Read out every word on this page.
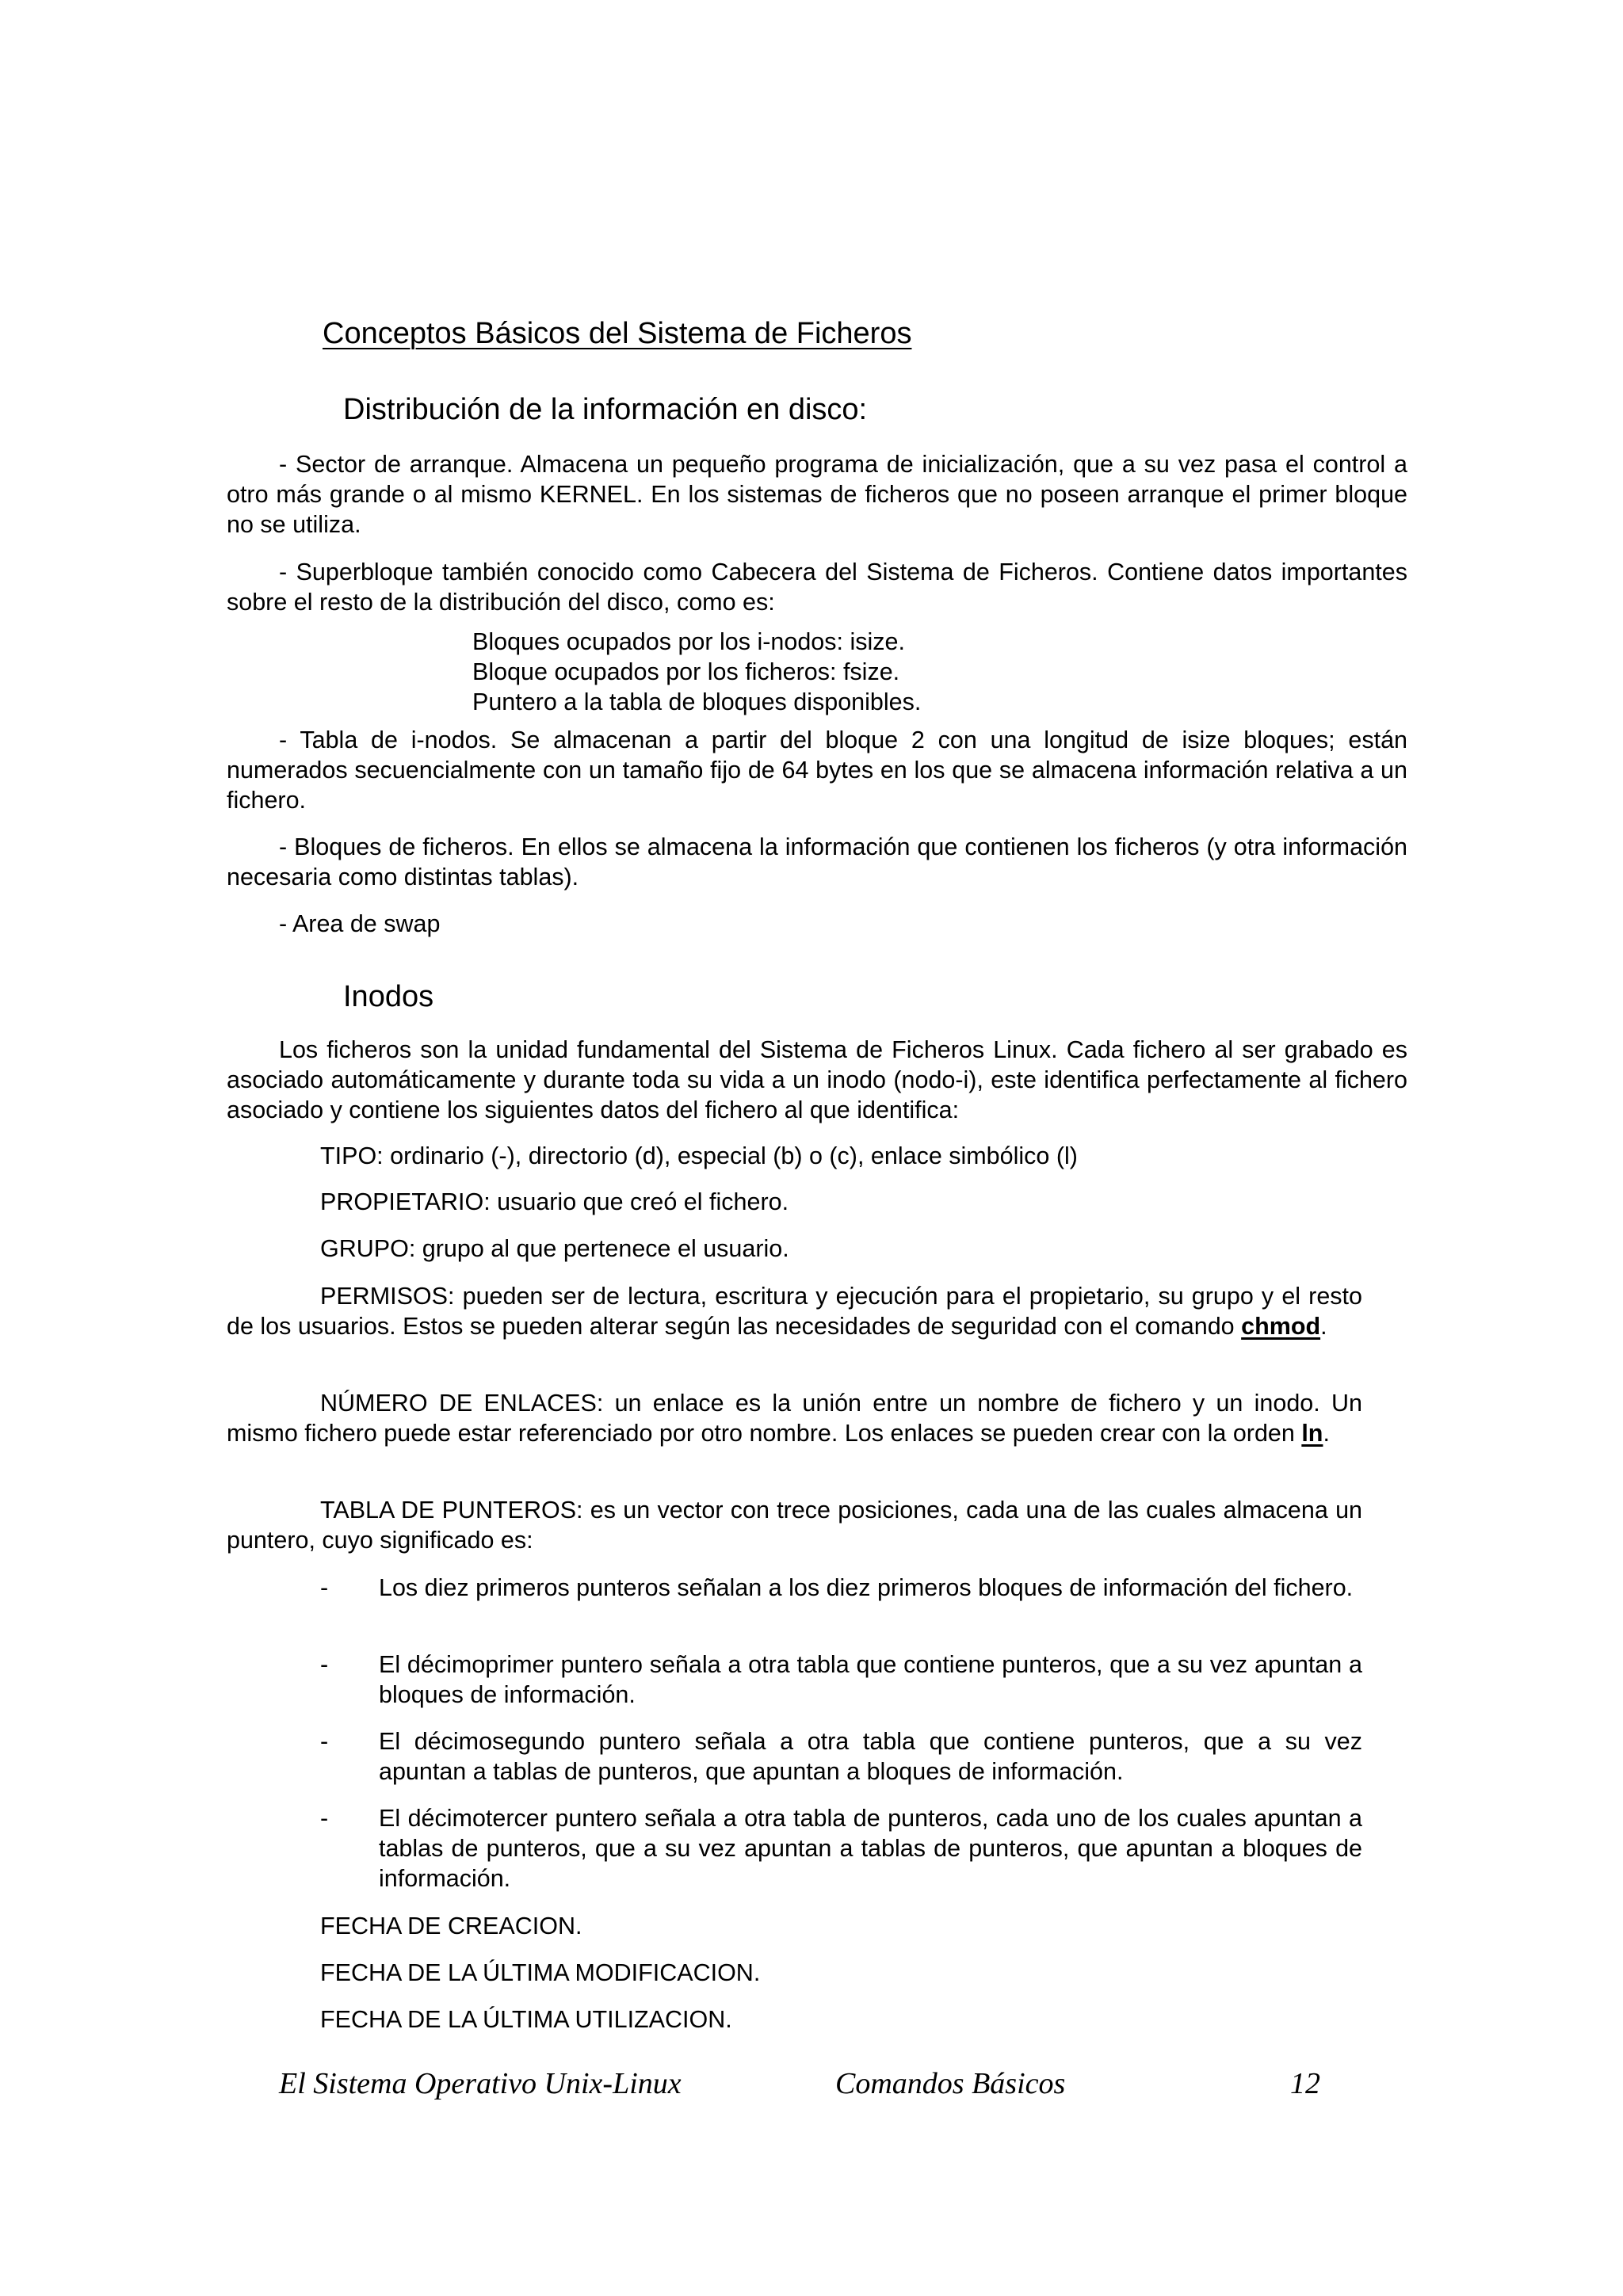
Conceptos Básicos del Sistema de Ficheros
Distribución de la información en disco:
- Sector de arranque. Almacena un pequeño programa de inicialización, que a su vez pasa el control a otro más grande o al mismo KERNEL. En los sistemas de ficheros que no poseen arranque el primer bloque no se utiliza.
- Superbloque también conocido como Cabecera del Sistema de Ficheros. Contiene datos importantes sobre el resto de la distribución del disco, como es:
Bloques ocupados por los i-nodos: isize.
Bloque ocupados por los ficheros: fsize.
Puntero a la tabla de bloques disponibles.
- Tabla de i-nodos. Se almacenan a partir del bloque 2 con una longitud de isize bloques; están numerados secuencialmente con un tamaño fijo de 64 bytes en los que se almacena información relativa a un fichero.
- Bloques de ficheros. En ellos se almacena la información que contienen los ficheros (y otra información necesaria como distintas tablas).
- Area de swap
Inodos
Los ficheros son la unidad fundamental del Sistema de Ficheros Linux. Cada fichero al ser grabado es asociado automáticamente y durante toda su vida a un inodo (nodo-i), este identifica perfectamente al fichero asociado y contiene los siguientes datos del fichero al que identifica:
TIPO: ordinario (-), directorio (d), especial (b) o (c), enlace simbólico (l)
PROPIETARIO: usuario que creó el fichero.
GRUPO: grupo al que pertenece el usuario.
PERMISOS: pueden ser de lectura, escritura y ejecución para el propietario, su grupo y el resto de los usuarios. Estos se pueden alterar según las necesidades de seguridad con el comando chmod.
NÚMERO DE ENLACES: un enlace es la unión entre un nombre de fichero y un inodo. Un mismo fichero puede estar referenciado por otro nombre. Los enlaces se pueden crear con la orden ln.
TABLA DE PUNTEROS: es un vector con trece posiciones, cada una de las cuales almacena un puntero, cuyo significado es:
- Los diez primeros punteros señalan a los diez primeros bloques de información del fichero.
- El décimoprimer puntero señala a otra tabla que contiene punteros, que a su vez apuntan a bloques de información.
- El décimosegundo puntero señala a otra tabla que contiene punteros, que a su vez apuntan a tablas de punteros, que apuntan a bloques de información.
- El décimotercer puntero señala a otra tabla de punteros, cada uno de los cuales apuntan a tablas de punteros, que a su vez apuntan a tablas de punteros, que apuntan a bloques de información.
FECHA DE CREACION.
FECHA DE LA ÚLTIMA MODIFICACION.
FECHA DE LA ÚLTIMA UTILIZACION.
El Sistema Operativo Unix-Linux	Comandos Básicos	12
